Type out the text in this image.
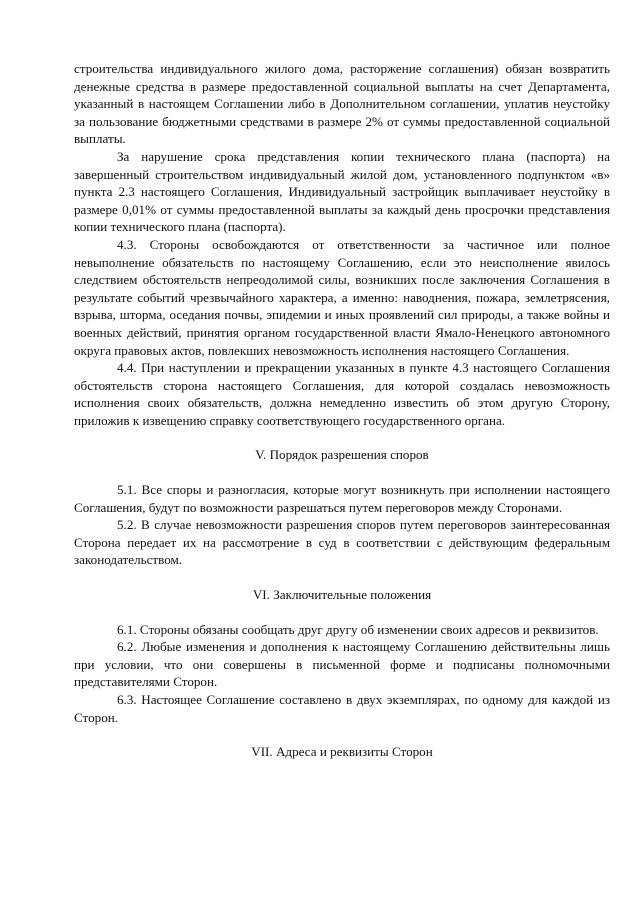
строительства индивидуального жилого дома, расторжение соглашения) обязан возвратить денежные средства в размере предоставленной социальной выплаты на счет Департамента, указанный в настоящем Соглашении либо в Дополнительном соглашении, уплатив неустойку за пользование бюджетными средствами в размере 2% от суммы предоставленной социальной выплаты.

За нарушение срока представления копии технического плана (паспорта) на завершенный строительством индивидуальный жилой дом, установленного подпунктом «в» пункта 2.3 настоящего Соглашения, Индивидуальный застройщик выплачивает неустойку в размере 0,01% от суммы предоставленной выплаты за каждый день просрочки представления копии технического плана (паспорта).

4.3. Стороны освобождаются от ответственности за частичное или полное невыполнение обязательств по настоящему Соглашению, если это неисполнение явилось следствием обстоятельств непреодолимой силы, возникших после заключения Соглашения в результате событий чрезвычайного характера, а именно: наводнения, пожара, землетрясения, взрыва, шторма, оседания почвы, эпидемии и иных проявлений сил природы, а также войны и военных действий, принятия органом государственной власти Ямало-Ненецкого автономного округа правовых актов, повлекших невозможность исполнения настоящего Соглашения.

4.4. При наступлении и прекращении указанных в пункте 4.3 настоящего Соглашения обстоятельств сторона настоящего Соглашения, для которой создалась невозможность исполнения своих обязательств, должна немедленно известить об этом другую Сторону, приложив к извещению справку соответствующего государственного органа.

V. Порядок разрешения споров

5.1. Все споры и разногласия, которые могут возникнуть при исполнении настоящего Соглашения, будут по возможности разрешаться путем переговоров между Сторонами.

5.2. В случае невозможности разрешения споров путем переговоров заинтересованная Сторона передает их на рассмотрение в суд в соответствии с действующим федеральным законодательством.

VI. Заключительные положения

6.1. Стороны обязаны сообщать друг другу об изменении своих адресов и реквизитов.

6.2. Любые изменения и дополнения к настоящему Соглашению действительны лишь при условии, что они совершены в письменной форме и подписаны полномочными представителями Сторон.

6.3. Настоящее Соглашение составлено в двух экземплярах, по одному для каждой из Сторон.

VII. Адреса и реквизиты Сторон
